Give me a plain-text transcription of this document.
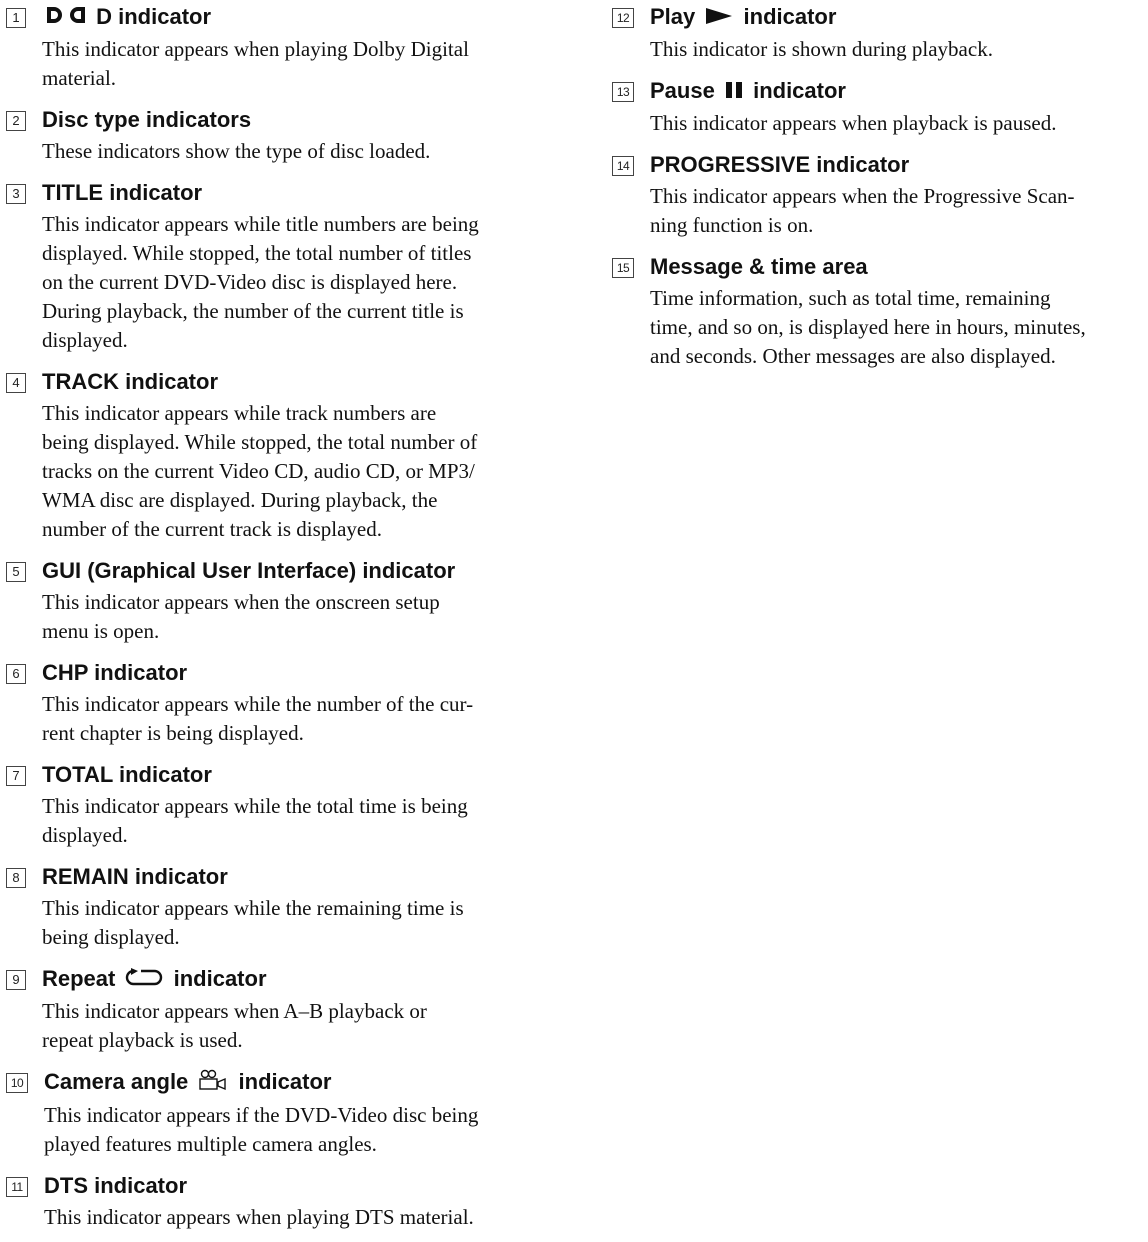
1	D indicator

This indicator appears when playing Dolby Digital
material.

2 Disc type indicators

These indicators show the type of disc loaded.

3 TITLE indicator

This indicator appears while title numbers are being
displayed. While stopped, the total number of titles
on the current DVD-Video disc is displayed here.
During playback, the number of the current title is
displayed.

4 TRACK indicator

This indicator appears while track numbers are
being displayed. While stopped, the total number of
tracks on the current Video CD, audio CD, or MP3/
WMA disc are displayed. During playback, the
number of the current track is displayed.

5 GUI (Graphical User Interface) indicator

This indicator appears when the onscreen setup
menu is open.

6 CHP indicator

This indicator appears while the number of the cur-
rent chapter is being displayed.

7 TOTAL indicator

This indicator appears while the total time is being
displayed.

8 REMAIN indicator

This indicator appears while the remaining time is
being displayed.

9 Repeat	indicator

This indicator appears when A–B playback or
repeat playback is used.

10 Camera angle indicator

This indicator appears if the DVD-Video disc being
played features multiple camera angles.

11 DTS indicator

This indicator appears when playing DTS material.

12 Play indicator

This indicator is shown during playback.

13 Pause indicator

This indicator appears when playback is paused.

14 PROGRESSIVE indicator

This indicator appears when the Progressive Scan-
ning function is on.

15 Message & time area

Time information, such as total time, remaining
time, and so on, is displayed here in hours, minutes,
and seconds. Other messages are also displayed.
